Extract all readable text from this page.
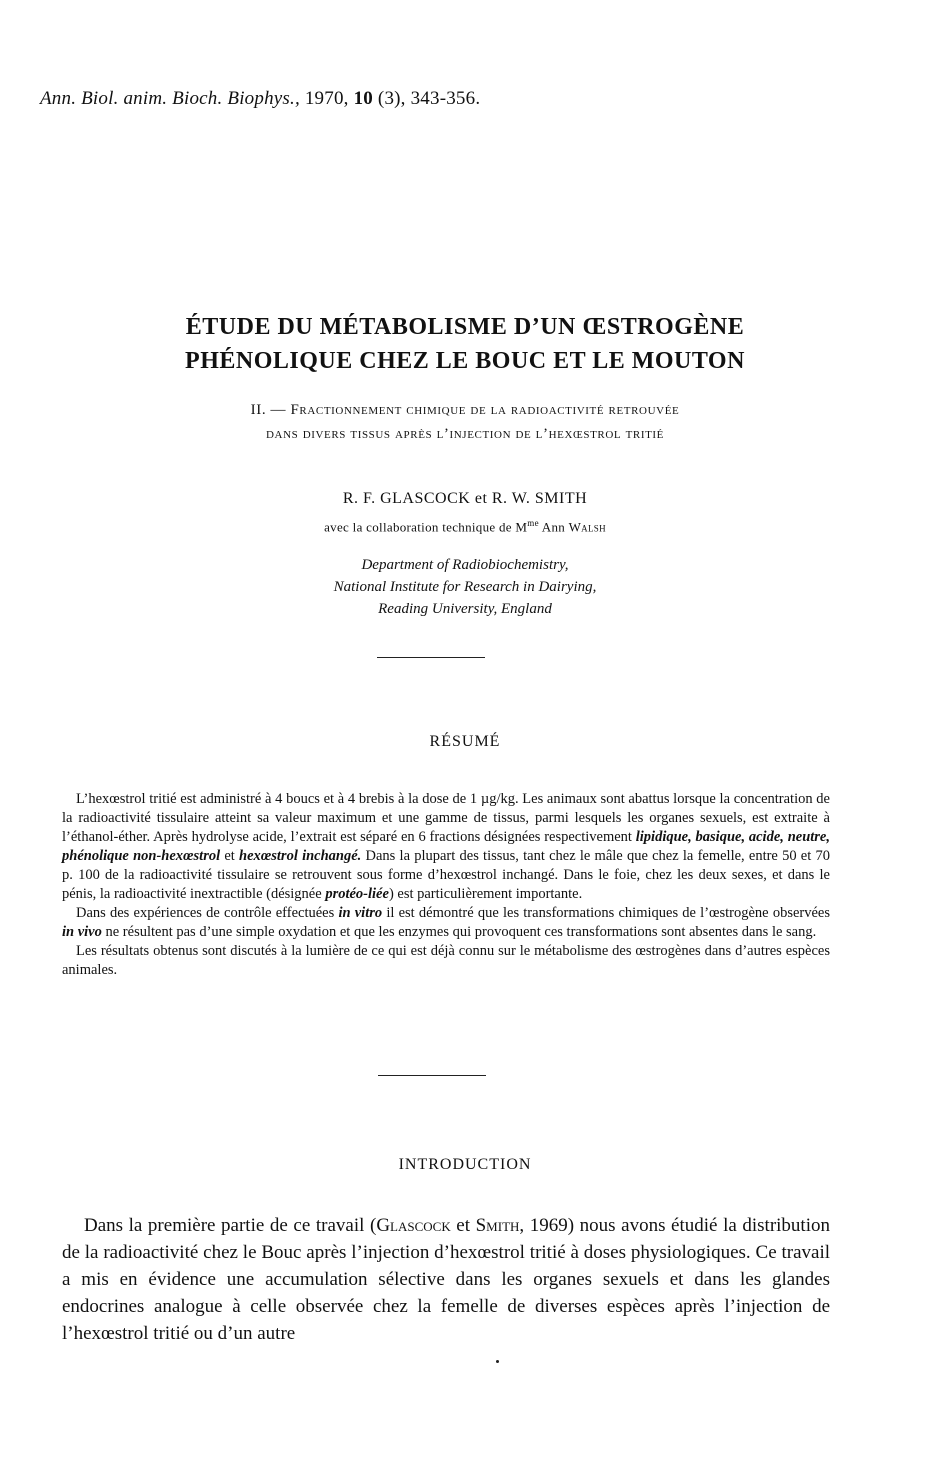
Ann. Biol. anim. Bioch. Biophys., 1970, 10 (3), 343-356.
ÉTUDE DU MÉTABOLISME D’UN ŒSTROGÈNE
PHÉNOLIQUE CHEZ LE BOUC ET LE MOUTON
II. — Fractionnement chimique de la radioactivité retrouvée
dans divers tissus après l’injection de l’hexœstrol tritié
R. F. GLASCOCK et R. W. SMITH
avec la collaboration technique de $M^{me}$ Ann Walsh
Department of Radiobiochemistry,
National Institute for Research in Dairying,
Reading University, England
RÉSUMÉ

L’hexœstrol tritié est administré à 4 boucs et à 4 brebis à la dose de 1 µg/kg. Les animaux sont abattus lorsque la concentration de la radioactivité tissulaire atteint sa valeur maximum et une gamme de tissus, parmi lesquels les organes sexuels, est extraite à l’éthanol-éther. Après hydrolyse acide, l’extrait est séparé en 6 fractions désignées respectivement lipidique, basique, acide, neutre, phénolique non-hexœstrol et hexœstrol inchangé. Dans la plupart des tissus, tant chez le mâle que chez la femelle, entre 50 et 70 p. 100 de la radioactivité tissulaire se retrouvent sous forme d’hexœstrol inchangé. Dans le foie, chez les deux sexes, et dans le pénis, la radioactivité inextractible (désignée protéo-liée) est particulièrement importante.

Dans des expériences de contrôle effectuées in vitro il est démontré que les transformations chimiques de l’œstrogène observées in vivo ne résultent pas d’une simple oxydation et que les enzymes qui provoquent ces transformations sont absentes dans le sang.

Les résultats obtenus sont discutés à la lumière de ce qui est déjà connu sur le métabolisme des œstrogènes dans d’autres espèces animales.

INTRODUCTION

Dans la première partie de ce travail (Glascock et Smith, 1969) nous avons étudié la distribution de la radioactivité chez le Bouc après l’injection d’hexœstrol tritié à doses physiologiques. Ce travail a mis en évidence une accumulation sélective dans les organes sexuels et dans les glandes endocrines analogue à celle observée chez la femelle de diverses espèces après l’injection de l’hexœstrol tritié ou d’un autre
